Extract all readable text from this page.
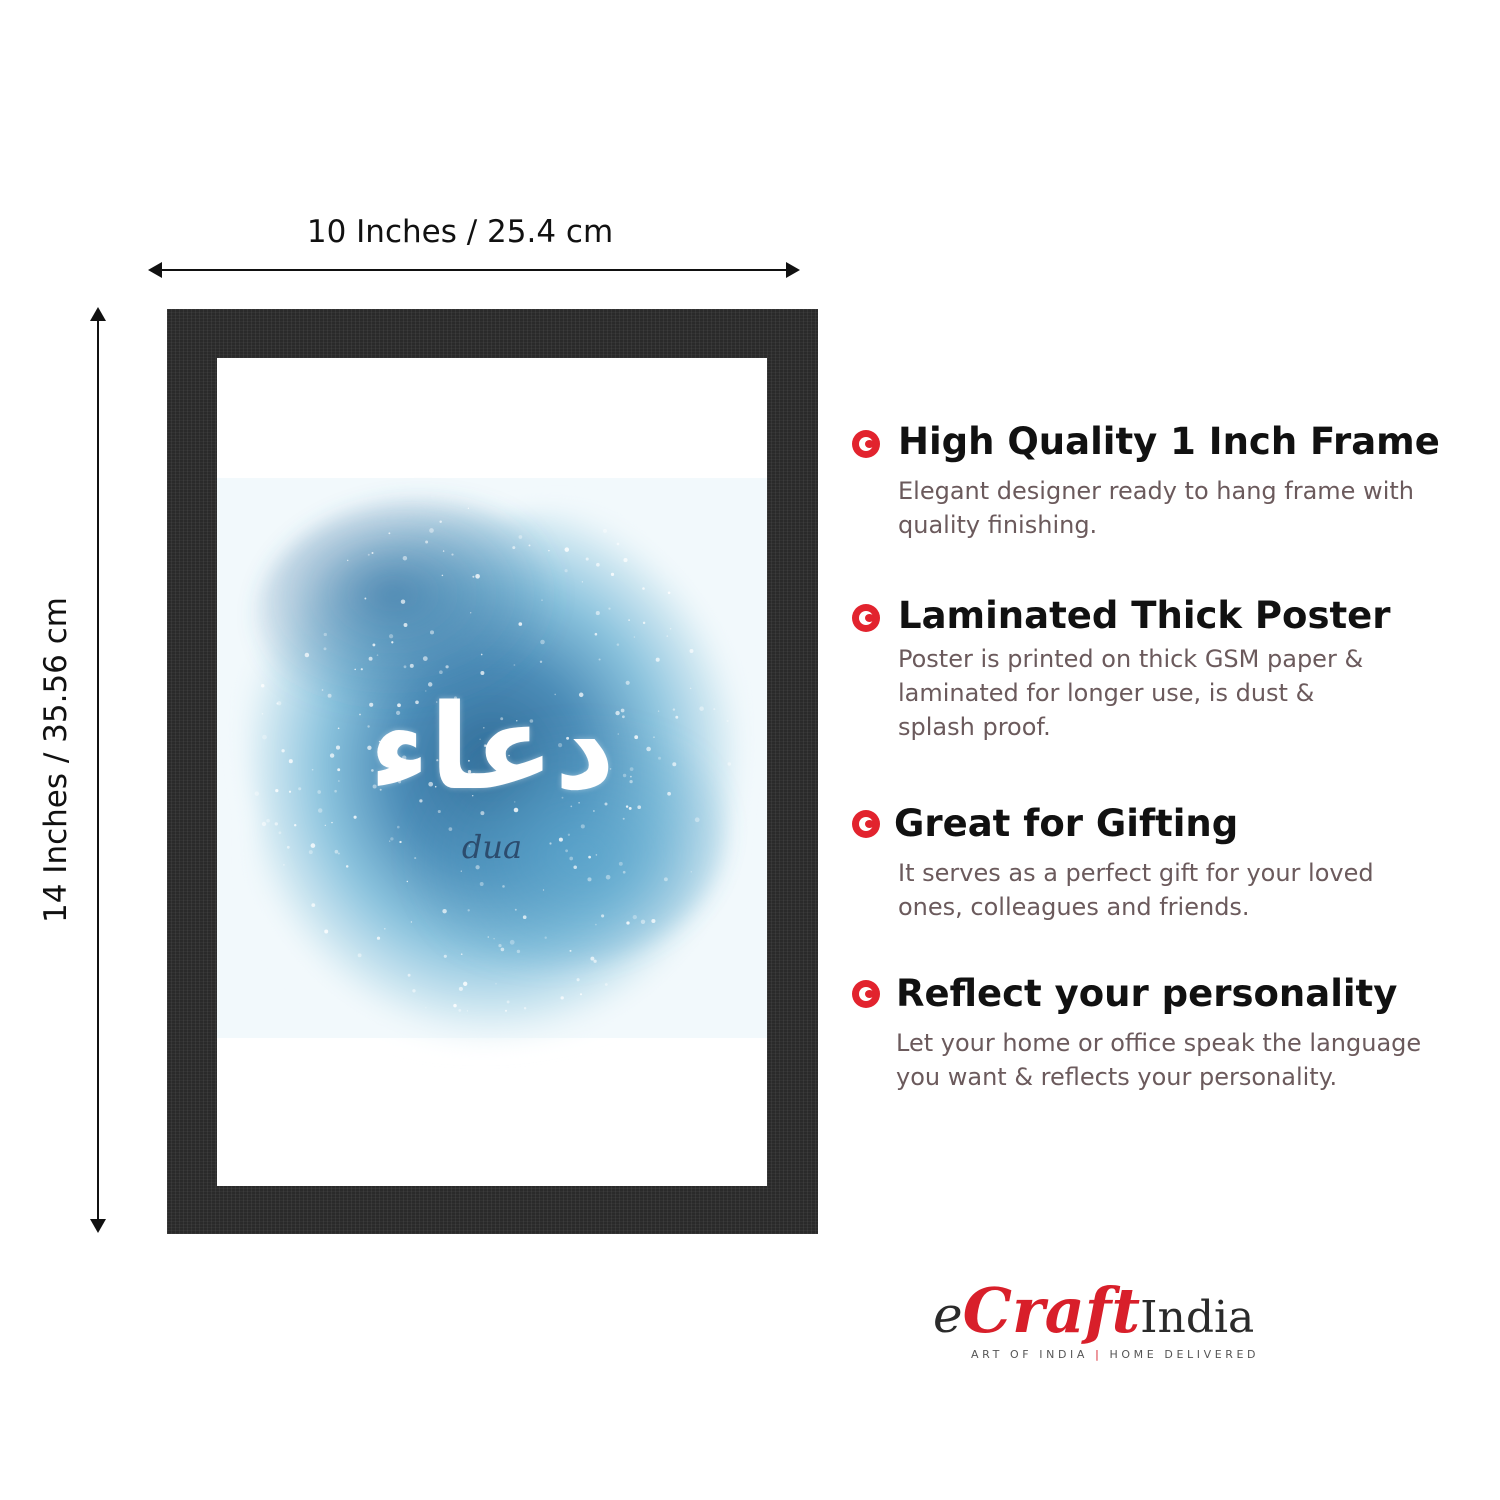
10 Inches / 25.4 cm
14 Inches / 35.56 cm	دعاء
dua
High Quality 1 Inch Frame
Elegant designer ready to hang frame with
quality finishing.
Laminated Thick Poster
Poster is printed on thick GSM paper &
laminated for longer use, is dust &
splash proof.
Great for Gifting
It serves as a perfect gift for your loved
ones, colleagues and friends.
Reflect your personality
Let your home or office speak the language
you want & reflects your personality.
eCraftIndia
ART OF INDIA | HOME DELIVERED
